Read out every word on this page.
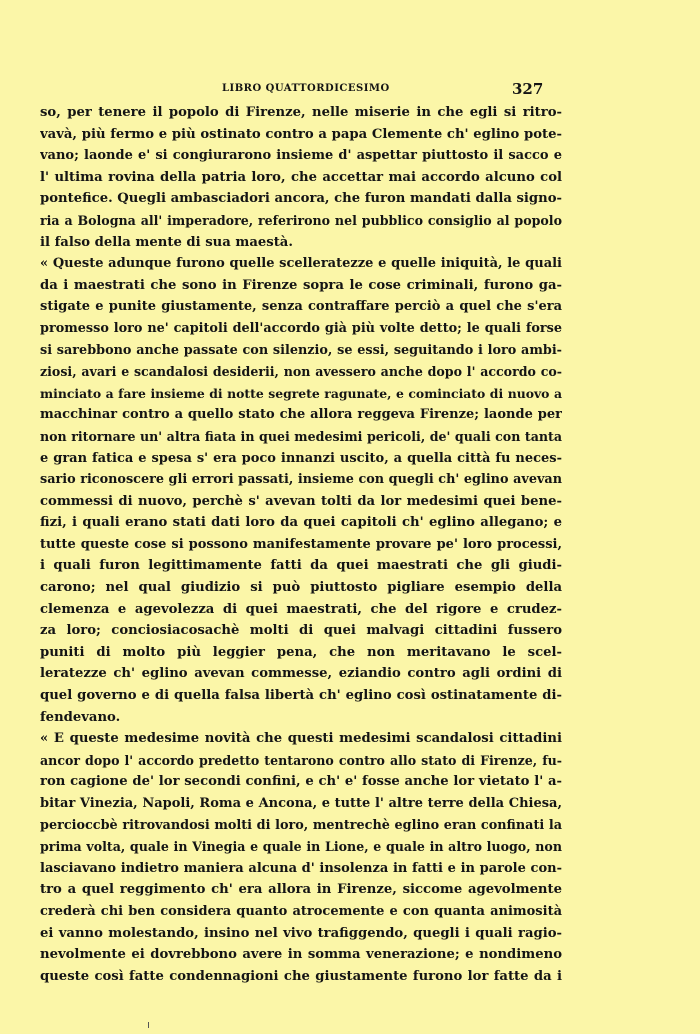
LIBRO QUATTORDICESIMO	327
so, per tenere il popolo di Firenze, nelle miserie in che egli si ritro-
vavà, più fermo e più ostinato contro a papa Clemente ch' eglino pote-
vano; laonde e' si congiurarono insieme d' aspettar piuttosto il sacco e
l' ultima rovina della patria loro, che accettar mai accordo alcuno col
pontefice. Quegli ambasciadori ancora, che furon mandati dalla signo-
ria a Bologna all' imperadore, referirono nel pubblico consiglio al popolo
il falso della mente di sua maestà.
« Queste adunque furono quelle scelleratezze e quelle iniquità, le quali
da i maestrati che sono in Firenze sopra le cose criminali, furono ga-
stigate e punite giustamente, senza contraffare perciò a quel che s'era
promesso loro ne' capitoli dell'accordo già più volte detto; le quali forse
si sarebbono anche passate con silenzio, se essi, seguitando i loro ambi-
ziosi, avari e scandalosi desiderii, non avessero anche dopo l' accordo co-
minciato a fare insieme di notte segrete ragunate, e cominciato di nuovo a
macchinar contro a quello stato che allora reggeva Firenze; laonde per
non ritornare un' altra fiata in quei medesimi pericoli, de' quali con tanta
e gran fatica e spesa s' era poco innanzi uscito, a quella città fu neces-
sario riconoscere gli errori passati, insieme con quegli ch' eglino avevan
commessi di nuovo, perchè s' avevan tolti da lor medesimi quei bene-
fizi, i quali erano stati dati loro da quei capitoli ch' eglino allegano; e
tutte queste cose si possono manifestamente provare pe' loro processi,
i quali furon legittimamente fatti da quei maestrati che gli giudi-
carono; nel qual giudizio si può piuttosto pigliare esempio della
clemenza e agevolezza di quei maestrati, che del rigore e crudez-
za loro; conciosiacosachè molti di quei malvagi cittadini fussero
puniti di molto più leggier pena, che non meritavano le scel-
leratezze ch' eglino avevan commesse, eziandio contro agli ordini di
quel governo e di quella falsa libertà ch' eglino così ostinatamente di-
fendevano.
« E queste medesime novità che questi medesimi scandalosi cittadini
ancor dopo l' accordo predetto tentarono contro allo stato di Firenze, fu-
ron cagione de' lor secondi confini, e ch' e' fosse anche lor vietato l' a-
bitar Vinezia, Napoli, Roma e Ancona, e tutte l' altre terre della Chiesa,
percioccbè ritrovandosi molti di loro, mentrechè eglino eran confinati la
prima volta, quale in Vinegia e quale in Lione, e quale in altro luogo, non
lasciavano indietro maniera alcuna d' insolenza in fatti e in parole con-
tro a quel reggimento ch' era allora in Firenze, siccome agevolmente
crederà chi ben considera quanto atrocemente e con quanta animosità
ei vanno molestando, insino nel vivo trafiggendo, quegli i quali ragio-
nevolmente ei dovrebbono avere in somma venerazione; e nondimeno
queste così fatte condennagioni che giustamente furono lor fatte da i
